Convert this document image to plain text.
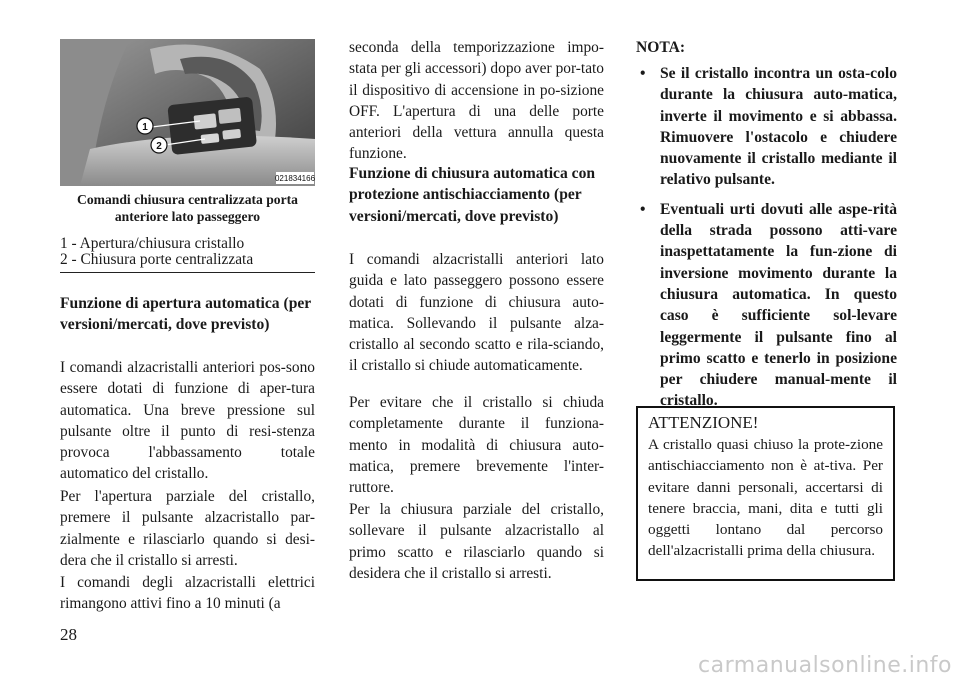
1
2
021834166
Comandi chiusura centralizzata porta anteriore lato passeggero
1 - Apertura/chiusura cristallo
2 - Chiusura porte centralizzata

Funzione di apertura automatica (per versioni/mercati, dove previsto)

I comandi alzacristalli anteriori pos-sono essere dotati di funzione di aper-tura automatica. Una breve pressione sul pulsante oltre il punto di resi-stenza provoca l'abbassamento totale automatico del cristallo.

Per l'apertura parziale del cristallo, premere il pulsante alzacristallo par-zialmente e rilasciarlo quando si desi-dera che il cristallo si arresti.

I comandi degli alzacristalli elettrici rimangono attivi fino a 10 minuti (a

seconda della temporizzazione impo-stata per gli accessori) dopo aver por-tato il dispositivo di accensione in po-sizione OFF. L'apertura di una delle porte anteriori della vettura annulla questa funzione.

Funzione di chiusura automatica con protezione antischiacciamento (per versioni/mercati, dove previsto)

I comandi alzacristalli anteriori lato guida e lato passeggero possono essere dotati di funzione di chiusura auto-matica. Sollevando il pulsante alza-cristallo al secondo scatto e rila-sciando, il cristallo si chiude automaticamente.

Per evitare che il cristallo si chiuda completamente durante il funziona-mento in modalità di chiusura auto-matica, premere brevemente l'inter-ruttore.

Per la chiusura parziale del cristallo, sollevare il pulsante alzacristallo al primo scatto e rilasciarlo quando si desidera che il cristallo si arresti.

NOTA:
• Se il cristallo incontra un osta-colo durante la chiusura auto-matica, inverte il movimento e si abbassa. Rimuovere l'ostacolo e chiudere nuovamente il cristallo mediante il relativo pulsante.
• Eventuali urti dovuti alle aspe-rità della strada possono atti-vare inaspettatamente la fun-zione di inversione movimento durante la chiusura automatica. In questo caso è sufficiente sol-levare leggermente il pulsante fino al primo scatto e tenerlo in posizione per chiudere manual-mente il cristallo.

ATTENZIONE!

A cristallo quasi chiuso la prote-zione antischiacciamento non è at-tiva. Per evitare danni personali, accertarsi di tenere braccia, mani, dita e tutti gli oggetti lontano dal percorso dell'alzacristalli prima della chiusura.

28
carmanualsonline.info
